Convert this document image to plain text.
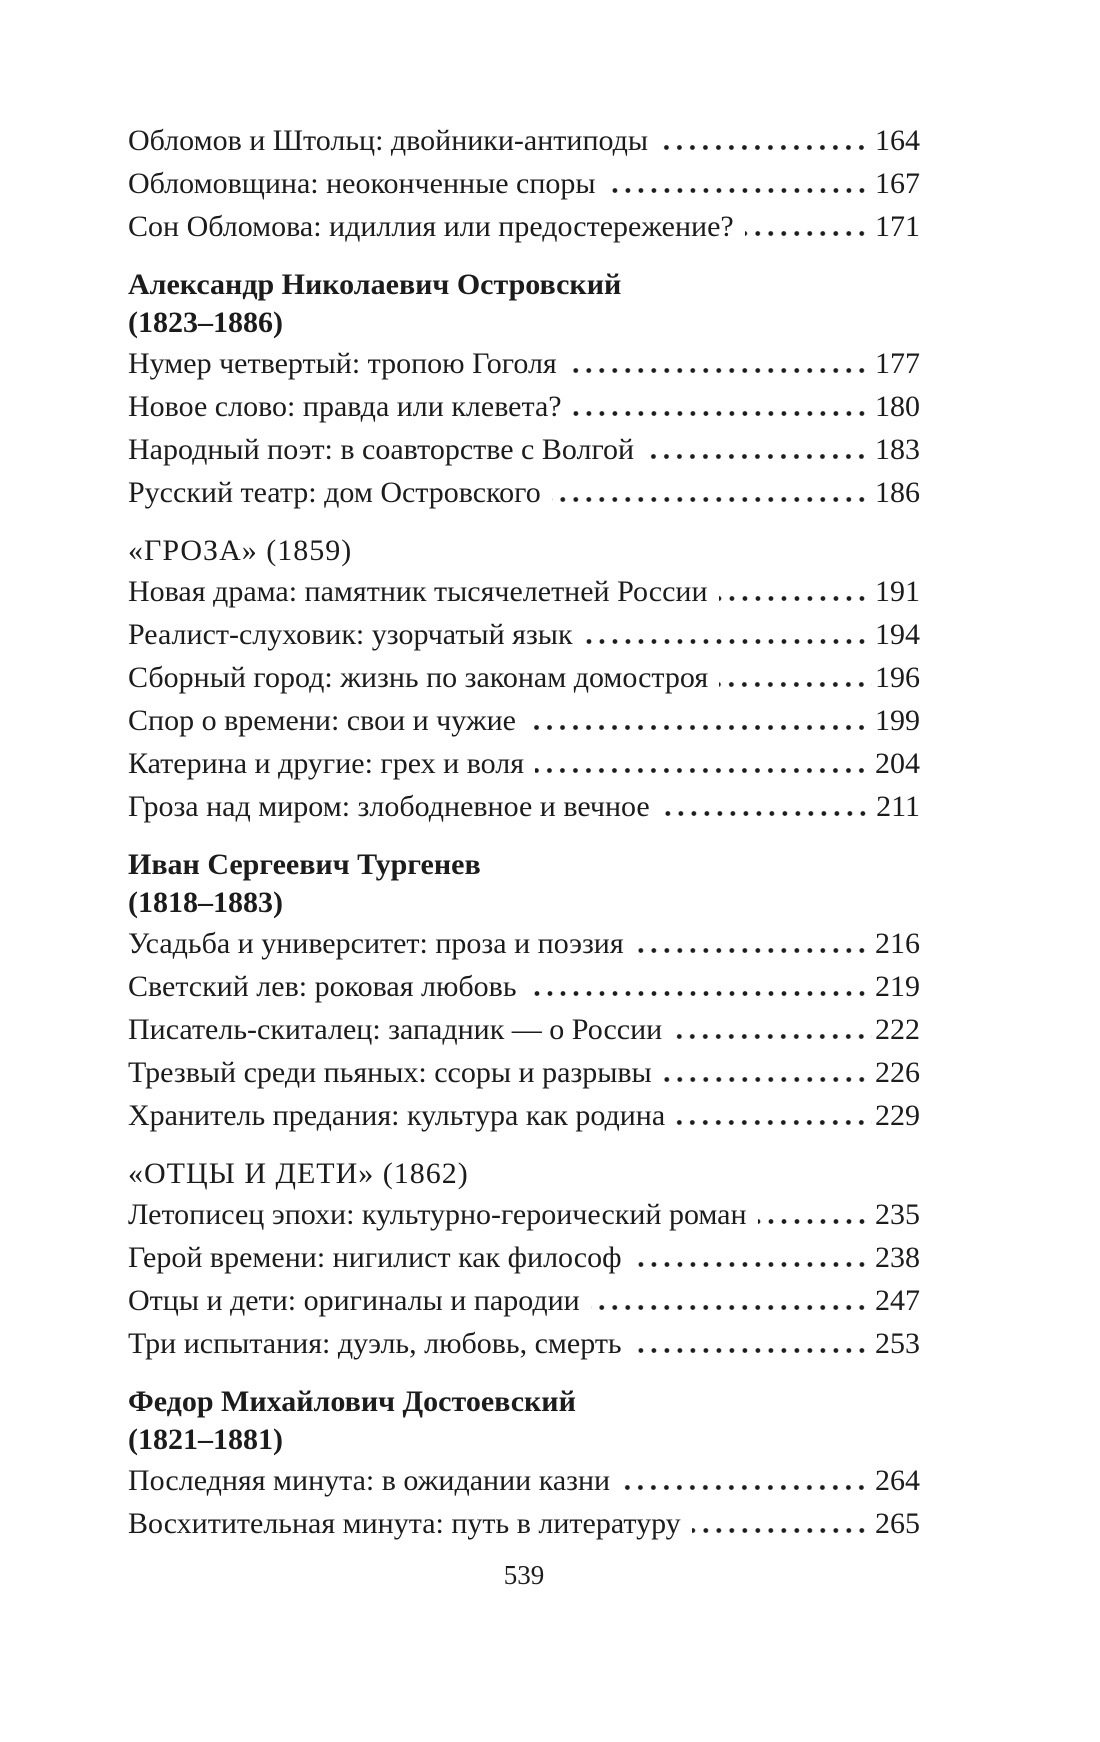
Обломов и Штольц: двойники-антиподы	164
Обломовщина: неоконченные споры	167
Сон Обломова: идиллия или предостережение?	171
Александр Николаевич Островский
(1823–1886)
Нумер четвертый: тропою Гоголя	177
Новое слово: правда или клевета?	180
Народный поэт: в соавторстве с Волгой	183
Русский театр: дом Островского	186
«ГРОЗА» (1859)
Новая драма: памятник тысячелетней России	191
Реалист-слуховик: узорчатый язык	194
Сборный город: жизнь по законам домостроя	196
Спор о времени: свои и чужие	199
Катерина и другие: грех и воля	204
Гроза над миром: злободневное и вечное	211
Иван Сергеевич Тургенев
(1818–1883)
Усадьба и университет: проза и поэзия	216
Светский лев: роковая любовь	219
Писатель-скиталец: западник — о России	222
Трезвый среди пьяных: ссоры и разрывы	226
Хранитель предания: культура как родина	229
«ОТЦЫ И ДЕТИ» (1862)
Летописец эпохи: культурно-героический роман	235
Герой времени: нигилист как философ	238
Отцы и дети: оригиналы и пародии	247
Три испытания: дуэль, любовь, смерть	253
Федор Михайлович Достоевский
(1821–1881)
Последняя минута: в ожидании казни	264
Восхитительная минута: путь в литературу	265
539
